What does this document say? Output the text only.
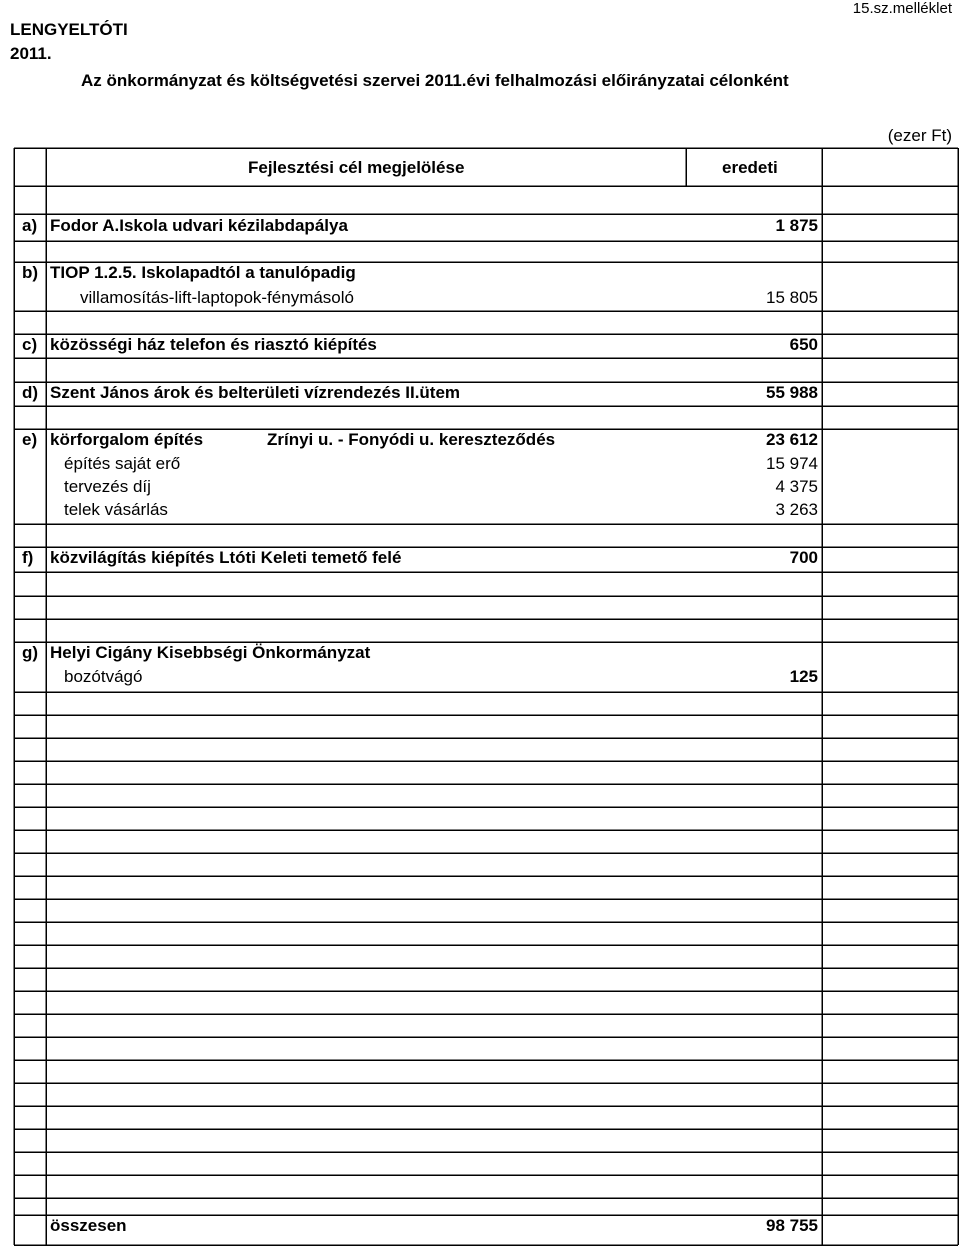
LENGYELTÓTI
2011.
15.sz.melléklet
Az önkormányzat és költségvetési szervei 2011.évi felhalmozási előirányzatai célonként
(ezer Ft)
Fejlesztési cél megjelölése	eredeti
a) Fodor A.Iskola udvari kézilabdapálya	1 875
b) TIOP 1.2.5. Iskolapadtól a tanulópadig
villamosítás-lift-laptopok-fénymásoló	15 805
c) közösségi ház telefon és riasztó kiépítés	650
d) Szent János árok és belterületi vízrendezés II.ütem	55 988
e) körforgalom építés	Zrínyi u. - Fonyódi u. kereszteződés	23 612
építés saját erő	15 974
tervezés díj	4 375
telek vásárlás	3 263
f) közvilágítás kiépítés Ltóti Keleti temető felé	700
g) Helyi Cigány Kisebbségi Önkormányzat
bozótvágó	125
összesen	98 755
